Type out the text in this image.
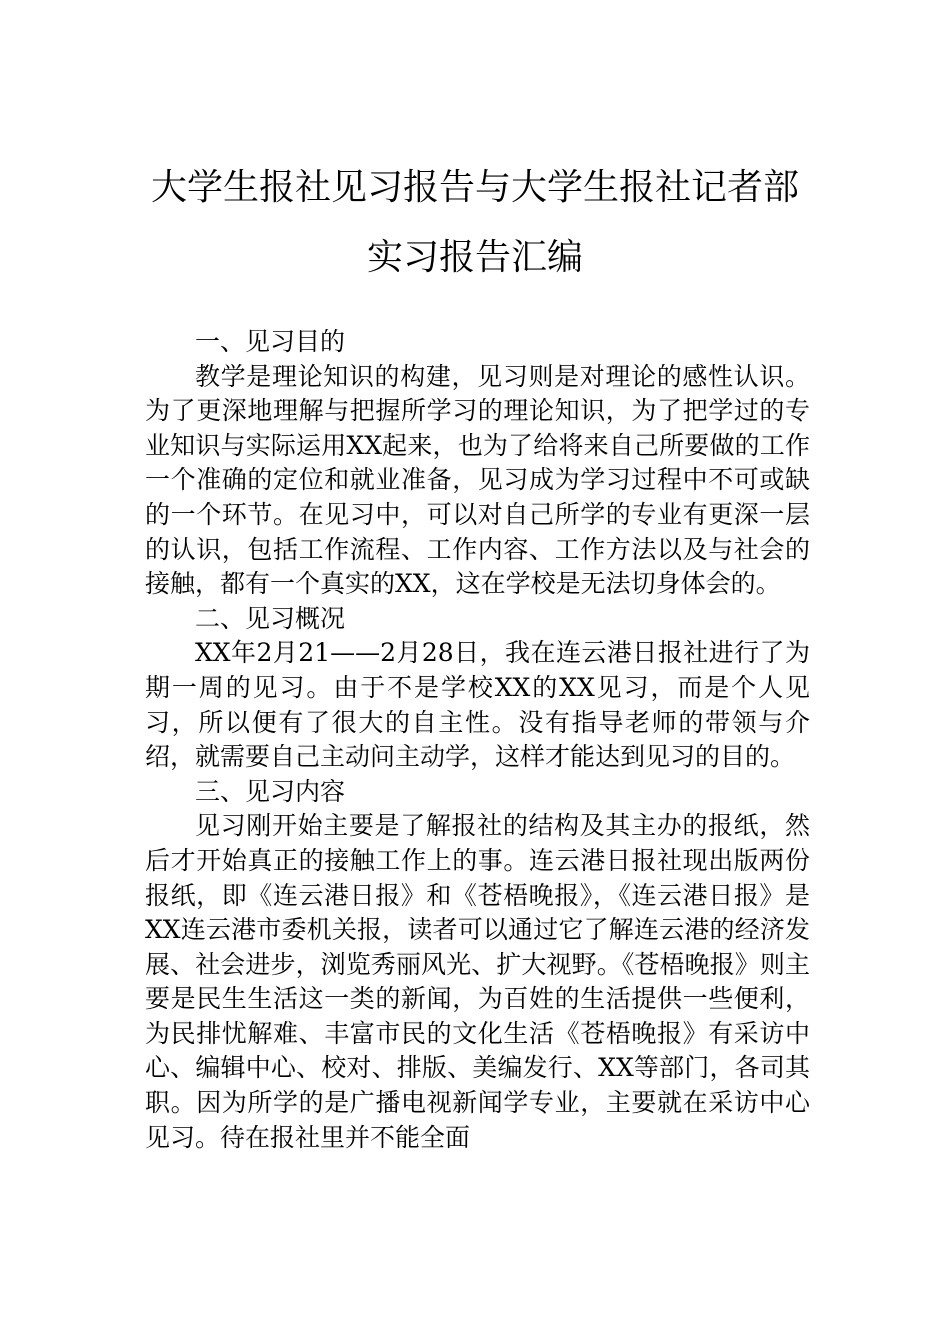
大学生报社见习报告与大学生报社记者部
实习报告汇编

一、见习目的

教学是理论知识的构建，见习则是对理论的感性认识。为了更深地理解与把握所学习的理论知识，为了把学过的专业知识与实际运用XX起来，也为了给将来自己所要做的工作一个准确的定位和就业准备，见习成为学习过程中不可或缺的一个环节。在见习中，可以对自己所学的专业有更深一层的认识，包括工作流程、工作内容、工作方法以及与社会的接触，都有一个真实的XX，这在学校是无法切身体会的。

二、见习概况

XX年2月21——2月28日，我在连云港日报社进行了为期一周的见习。由于不是学校XX的XX见习，而是个人见习，所以便有了很大的自主性。没有指导老师的带领与介绍，就需要自己主动问主动学，这样才能达到见习的目的。

三、见习内容

见习刚开始主要是了解报社的结构及其主办的报纸，然后才开始真正的接触工作上的事。连云港日报社现出版两份报纸，即《连云港日报》和《苍梧晚报》，《连云港日报》是XX连云港市委机关报，读者可以通过它了解连云港的经济发展、社会进步，浏览秀丽风光、扩大视野。《苍梧晚报》则主要是民生生活这一类的新闻，为百姓的生活提供一些便利，为民排忧解难、丰富市民的文化生活《苍梧晚报》有采访中心、编辑中心、校对、排版、美编发行、XX等部门，各司其职。因为所学的是广播电视新闻学专业，主要就在采访中心见习。待在报社里并不能全面
